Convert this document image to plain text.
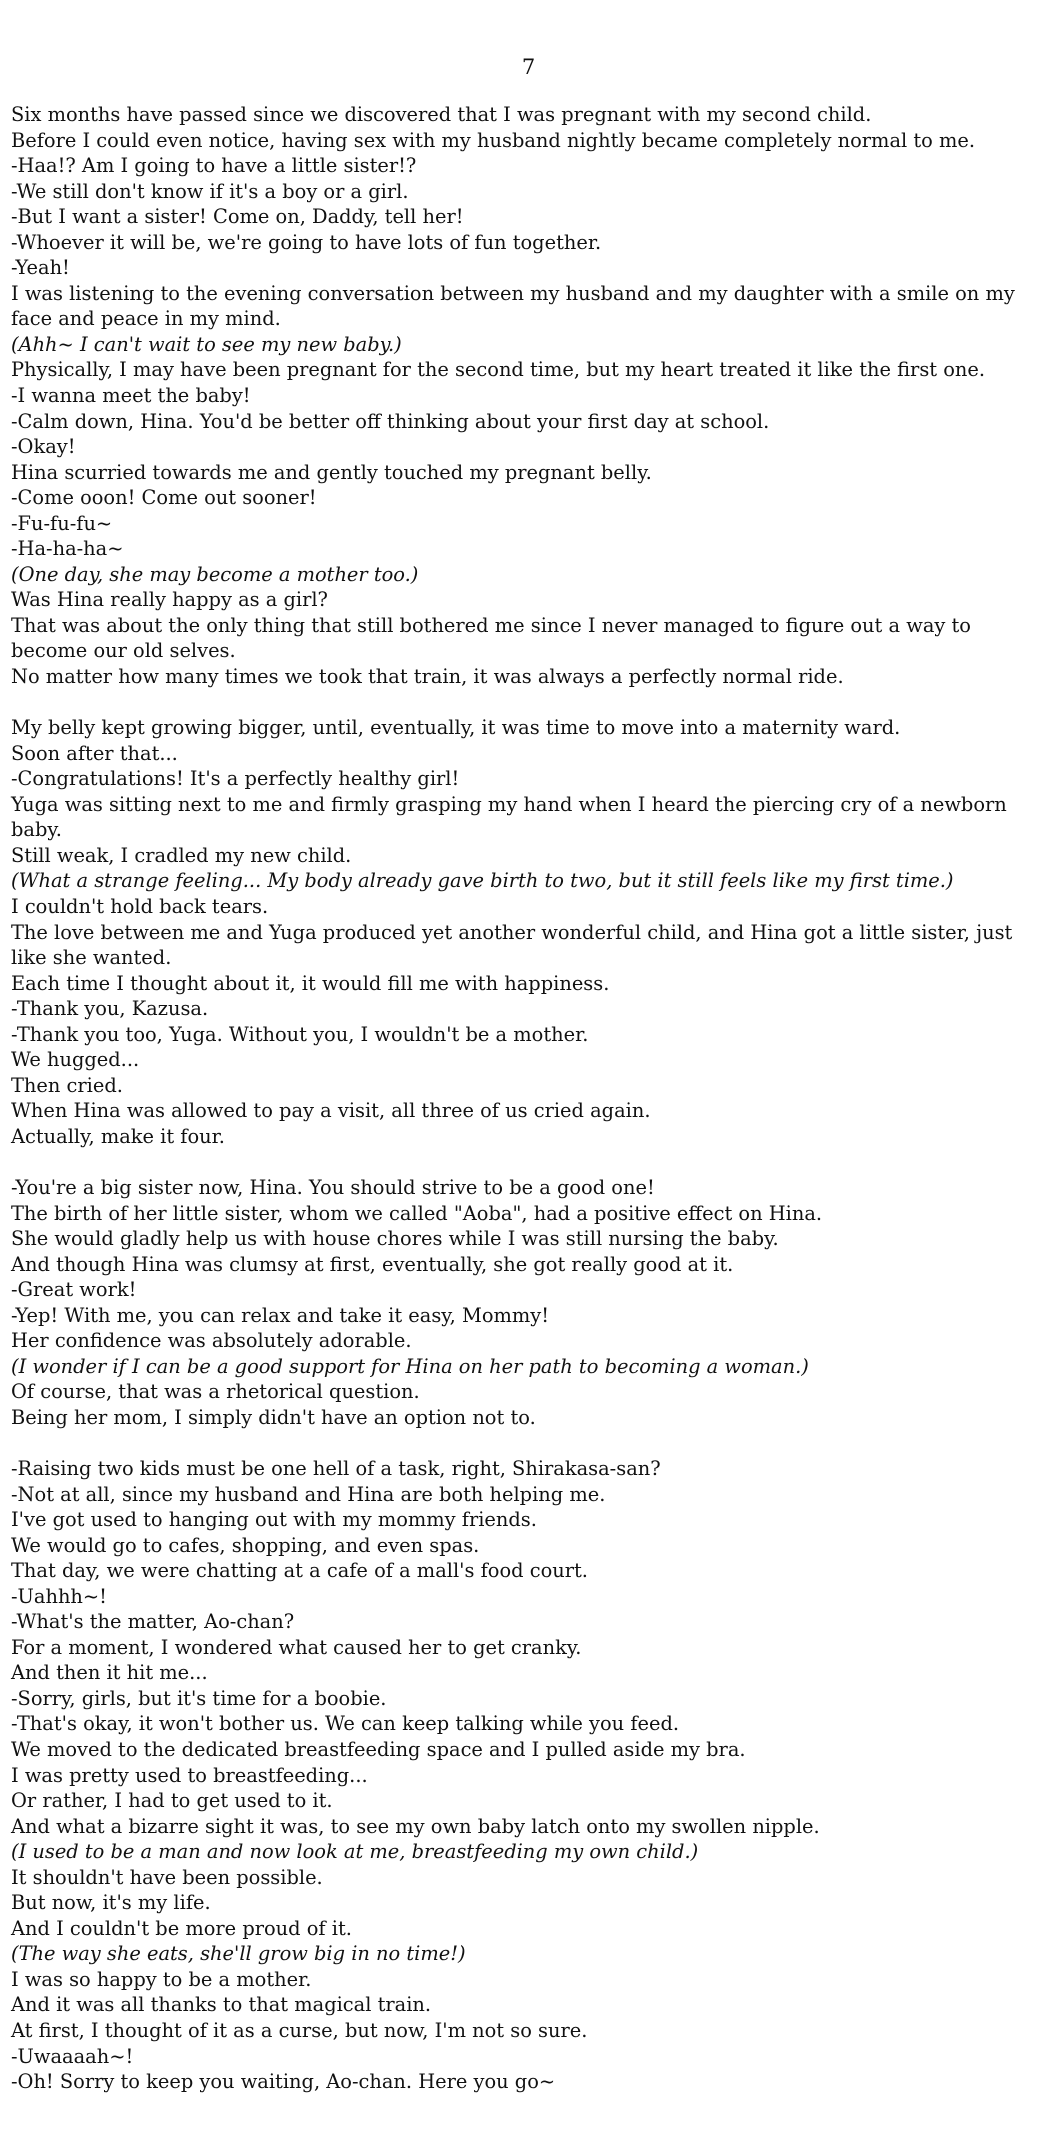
7

Six months have passed since we discovered that I was pregnant with my second child.

Before I could even notice, having sex with my husband nightly became completely normal to me.

-Haa!? Am I going to have a little sister!?

-We still don't know if it's a boy or a girl.

-But I want a sister! Come on, Daddy, tell her!

-Whoever it will be, we're going to have lots of fun together.

-Yeah!

I was listening to the evening conversation between my husband and my daughter with a smile on my face and peace in my mind.

(Ahh~ I can't wait to see my new baby.)

Physically, I may have been pregnant for the second time, but my heart treated it like the first one.

-I wanna meet the baby!

-Calm down, Hina. You'd be better off thinking about your first day at school.

-Okay!

Hina scurried towards me and gently touched my pregnant belly.

-Come ooon! Come out sooner!

-Fu-fu-fu~

-Ha-ha-ha~

(One day, she may become a mother too.)

Was Hina really happy as a girl?

That was about the only thing that still bothered me since I never managed to figure out a way to become our old selves.

No matter how many times we took that train, it was always a perfectly normal ride.

My belly kept growing bigger, until, eventually, it was time to move into a maternity ward.

Soon after that...

-Congratulations! It's a perfectly healthy girl!

Yuga was sitting next to me and firmly grasping my hand when I heard the piercing cry of a newborn baby.

Still weak, I cradled my new child.

(What a strange feeling... My body already gave birth to two, but it still feels like my first time.)

I couldn't hold back tears.

The love between me and Yuga produced yet another wonderful child, and Hina got a little sister, just like she wanted.

Each time I thought about it, it would fill me with happiness.

-Thank you, Kazusa.

-Thank you too, Yuga. Without you, I wouldn't be a mother.

We hugged...

Then cried.

When Hina was allowed to pay a visit, all three of us cried again.

Actually, make it four.

-You're a big sister now, Hina. You should strive to be a good one!

The birth of her little sister, whom we called "Aoba", had a positive effect on Hina.

She would gladly help us with house chores while I was still nursing the baby.

And though Hina was clumsy at first, eventually, she got really good at it.

-Great work!

-Yep! With me, you can relax and take it easy, Mommy!

Her confidence was absolutely adorable.

(I wonder if I can be a good support for Hina on her path to becoming a woman.)

Of course, that was a rhetorical question.

Being her mom, I simply didn't have an option not to.

-Raising two kids must be one hell of a task, right, Shirakasa-san?

-Not at all, since my husband and Hina are both helping me.

I've got used to hanging out with my mommy friends.

We would go to cafes, shopping, and even spas.

That day, we were chatting at a cafe of a mall's food court.

-Uahhh~!

-What's the matter, Ao-chan?

For a moment, I wondered what caused her to get cranky.

And then it hit me...

-Sorry, girls, but it's time for a boobie.

-That's okay, it won't bother us. We can keep talking while you feed.

We moved to the dedicated breastfeeding space and I pulled aside my bra.

I was pretty used to breastfeeding...

Or rather, I had to get used to it.

And what a bizarre sight it was, to see my own baby latch onto my swollen nipple.

(I used to be a man and now look at me, breastfeeding my own child.)

It shouldn't have been possible.

But now, it's my life.

And I couldn't be more proud of it.

(The way she eats, she'll grow big in no time!)

I was so happy to be a mother.

And it was all thanks to that magical train.

At first, I thought of it as a curse, but now, I'm not so sure.

-Uwaaaah~!

-Oh! Sorry to keep you waiting, Ao-chan. Here you go~
